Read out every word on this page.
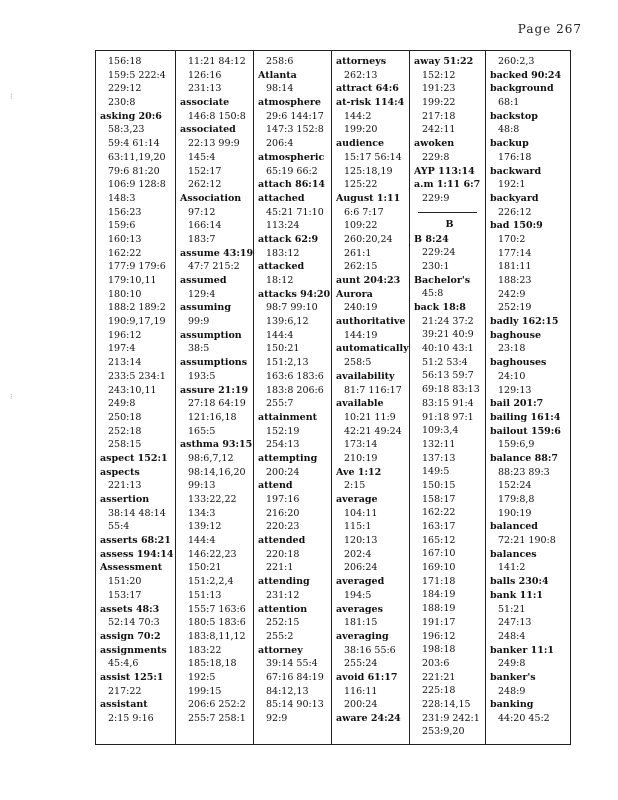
Page 267
⁝
⁝
156:18
159:5 222:4
229:12
230:8
asking 20:6
58:3,23
59:4 61:14
63:11,19,20
79:6 81:20
106:9 128:8
148:3
156:23
159:6
160:13
162:22
177:9 179:6
179:10,11
180:10
188:2 189:2
190:9,17,19
196:12
197:4
213:14
233:5 234:1
243:10,11
249:8
250:18
252:18
258:15
aspect 152:1
aspects
221:13
assertion
38:14 48:14
55:4
asserts 68:21
assess 194:14
Assessment
151:20
153:17
assets 48:3
52:14 70:3
assign 70:2
assignments
45:4,6
assist 125:1
217:22
assistant
2:15 9:16
11:21 84:12
126:16
231:13
associate
146:8 150:8
associated
22:13 99:9
145:4
152:17
262:12
Association
97:12
166:14
183:7
assume 43:19
47:7 215:2
assumed
129:4
assuming
99:9
assumption
38:5
assumptions
193:5
assure 21:19
27:18 64:19
121:16,18
165:5
asthma 93:15
98:6,7,12
98:14,16,20
99:13
133:22,22
134:3
139:12
144:4
146:22,23
150:21
151:2,2,4
151:13
155:7 163:6
180:5 183:6
183:8,11,12
183:22
185:18,18
192:5
199:15
206:6 252:2
255:7 258:1
258:6
Atlanta
98:14
atmosphere
29:6 144:17
147:3 152:8
206:4
atmospheric
65:19 66:2
attach 86:14
attached
45:21 71:10
113:24
attack 62:9
183:12
attacked
18:12
attacks 94:20
98:7 99:10
139:6,12
144:4
150:21
151:2,13
163:6 183:6
183:8 206:6
255:7
attainment
152:19
254:13
attempting
200:24
attend
197:16
216:20
220:23
attended
220:18
221:1
attending
231:12
attention
252:15
255:2
attorney
39:14 55:4
67:16 84:19
84:12,13
85:14 90:13
92:9
attorneys
262:13
attract 64:6
at-risk 114:4
144:2
199:20
audience
15:17 56:14
125:18,19
125:22
August 1:11
6:6 7:17
109:22
260:20,24
261:1
262:15
aunt 204:23
Aurora
240:19
authoritative
144:19
automatically
258:5
availability
81:7 116:17
available
10:21 11:9
42:21 49:24
173:14
210:19
Ave 1:12
2:15
average
104:11
115:1
120:13
202:4
206:24
averaged
194:5
averages
181:15
averaging
38:16 55:6
255:24
avoid 61:17
116:11
200:24
aware 24:24
away 51:22
152:12
191:23
199:22
217:18
242:11
awoken
229:8
AYP 113:14
a.m 1:11 6:7
229:9
B
B 8:24
229:24
230:1
Bachelor's
45:8
back 18:8
21:24 37:2
39:21 40:9
40:10 43:1
51:2 53:4
56:13 59:7
69:18 83:13
83:15 91:4
91:18 97:1
109:3,4
132:11
137:13
149:5
150:15
158:17
162:22
163:17
165:12
167:10
169:10
171:18
184:19
188:19
191:17
196:12
198:18
203:6
221:21
225:18
228:14,15
231:9 242:1
253:9,20
260:2,3
backed 90:24
background
68:1
backstop
48:8
backup
176:18
backward
192:1
backyard
226:12
bad 150:9
170:2
177:14
181:11
188:23
242:9
252:19
badly 162:15
baghouse
23:18
baghouses
24:10
129:13
bail 201:7
bailing 161:4
bailout 159:6
159:6,9
balance 88:7
88:23 89:3
152:24
179:8,8
190:19
balanced
72:21 190:8
balances
141:2
balls 230:4
bank 11:1
51:21
247:13
248:4
banker 11:1
249:8
banker's
248:9
banking
44:20 45:2
